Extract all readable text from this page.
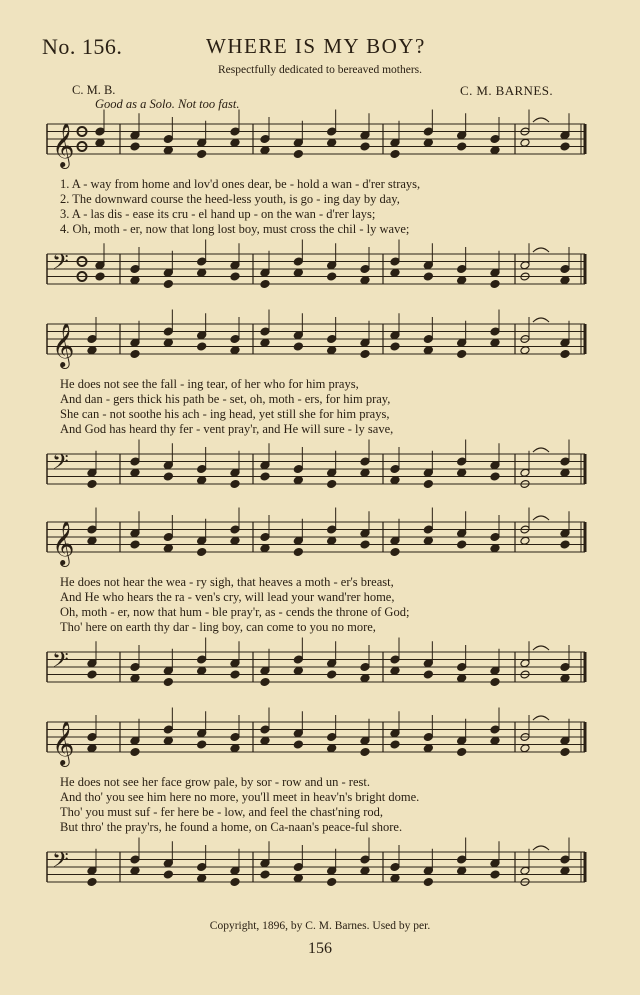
No. 156.	WHERE IS MY BOY?
Respectfully dedicated to bereaved mothers.
C. M. B.	C. M. BARNES.
Good as a Solo. Not too fast.
𝄞
1. A - way from home and lov'd ones dear, be - hold a wan - d'rer strays,
2. The downward course the heed-less youth, is go - ing day by day,
3. A - las dis - ease its cru - el hand up - on the wan - d'rer lays;
4. Oh, moth - er, now that long lost boy, must cross the chil - ly wave;
𝄢
𝄞
He does not see the fall - ing tear, of her who for him prays,
And dan - gers thick his path be - set, oh, moth - ers, for him pray,
She can - not soothe his ach - ing head, yet still she for him prays,
And God has heard thy fer - vent pray'r, and He will sure - ly save,
𝄢
𝄞
He does not hear the wea - ry sigh, that heaves a moth - er's breast,
And He who hears the ra - ven's cry, will lead your wand'rer home,
Oh, moth - er, now that hum - ble pray'r, as - cends the throne of God;
Tho' here on earth thy dar - ling boy, can come to you no more,
𝄢
𝄞
He does not see her face grow pale, by sor - row and un - rest.
And tho' you see him here no more, you'll meet in heav'n's bright dome.
Tho' you must suf - fer here be - low, and feel the chast'ning rod,
But thro' the pray'rs, he found a home, on Ca-naan's peace-ful shore.
𝄢
Copyright, 1896, by C. M. Barnes. Used by per.
156
